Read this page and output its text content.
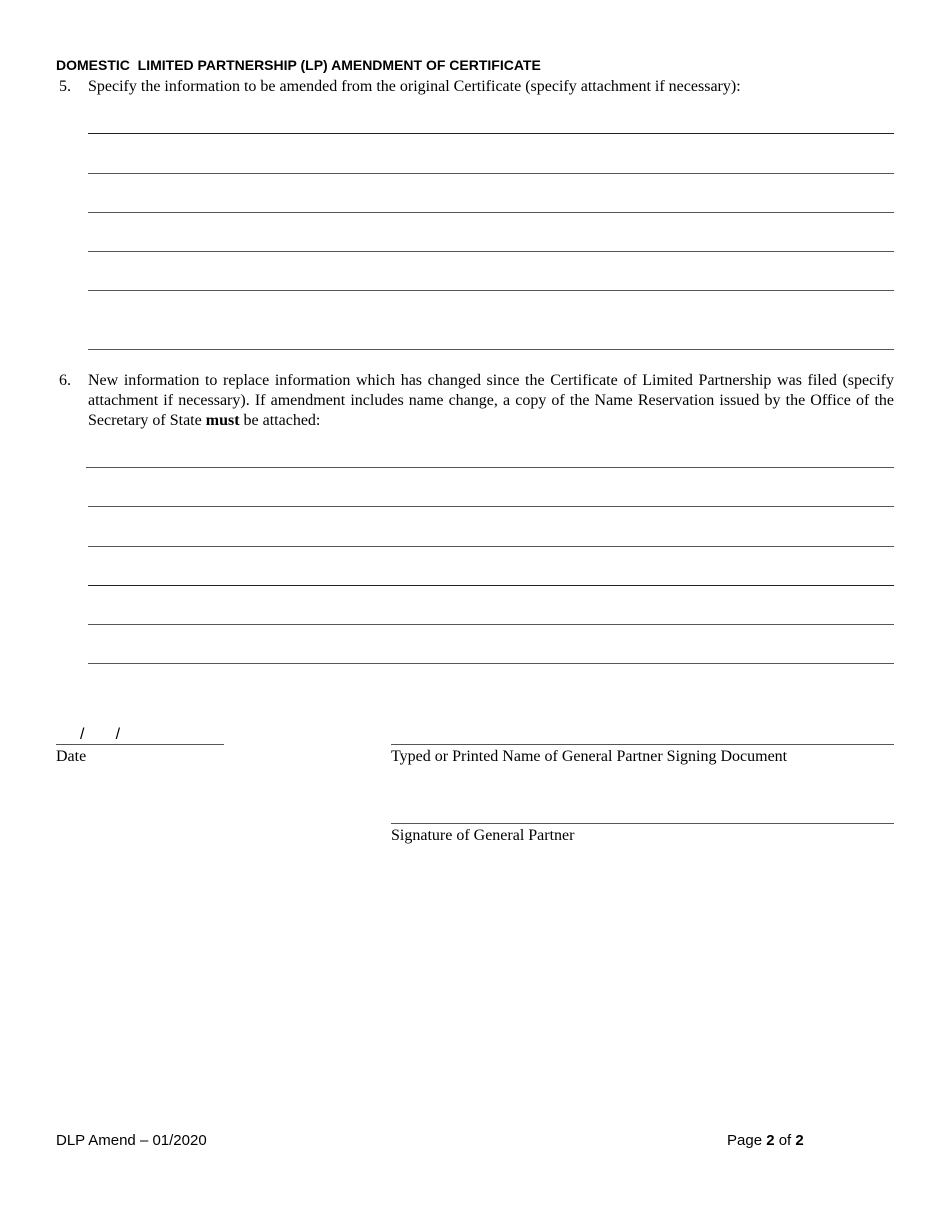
DOMESTIC  LIMITED PARTNERSHIP (LP) AMENDMENT OF CERTIFICATE
5. Specify the information to be amended from the original Certificate (specify attachment if necessary):
6. New information to replace information which has changed since the Certificate of Limited Partnership was filed (specify attachment if necessary). If amendment includes name change, a copy of the Name Reservation issued by the Office of the Secretary of State must be attached:
/       /
Date	Typed or Printed Name of General Partner Signing Document
Signature of General Partner
DLP Amend – 01/2020	Page 2 of 2
